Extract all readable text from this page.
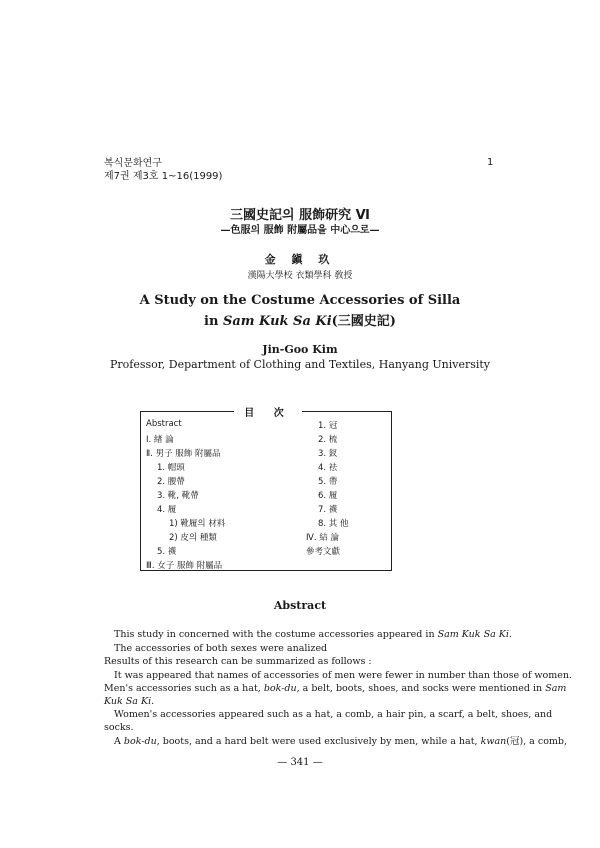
복식문화연구
제7권 제3호 1~16(1999)
1
三國史記의 服飾研究 Ⅵ
—色服의 服飾 附屬品을 中心으로—
金 鎭 玖
漢陽大學校 衣類學科 敎授
A Study on the Costume Accessories of Silla
in Sam Kuk Sa Ki(三國史記)
Jin-Goo Kim
Professor, Department of Clothing and Textiles, Hanyang University
目 次
Abstract
Ⅰ. 緖 論
Ⅱ. 男子 服飾 附屬品
1. 帽頭
2. 腰帶
3. 靴, 靴帶
4. 履
1) 靴履의 材料
2) 皮의 種類
5. 襪
Ⅲ. 女子 服飾 附屬品
1. 冠
2. 梳
3. 釵
4. 袪
5. 帶
6. 履
7. 襪
8. 其 他
Ⅳ. 結 論
參考文獻
Abstract
This study in concerned with the costume accessories appeared in Sam Kuk Sa Ki.
The accessories of both sexes were analized
Results of this research can be summarized as follows :
It was appeared that names of accessories of men were fewer in number than those of women.
Men's accessories such as a hat, bok-du, a belt, boots, shoes, and socks were mentioned in Sam
Kuk Sa Ki.
Women's accessories appeared such as a hat, a comb, a hair pin, a scarf, a belt, shoes, and
socks.
A bok-du, boots, and a hard belt were used exclusively by men, while a hat, kwan(冠), a comb,
— 341 —
